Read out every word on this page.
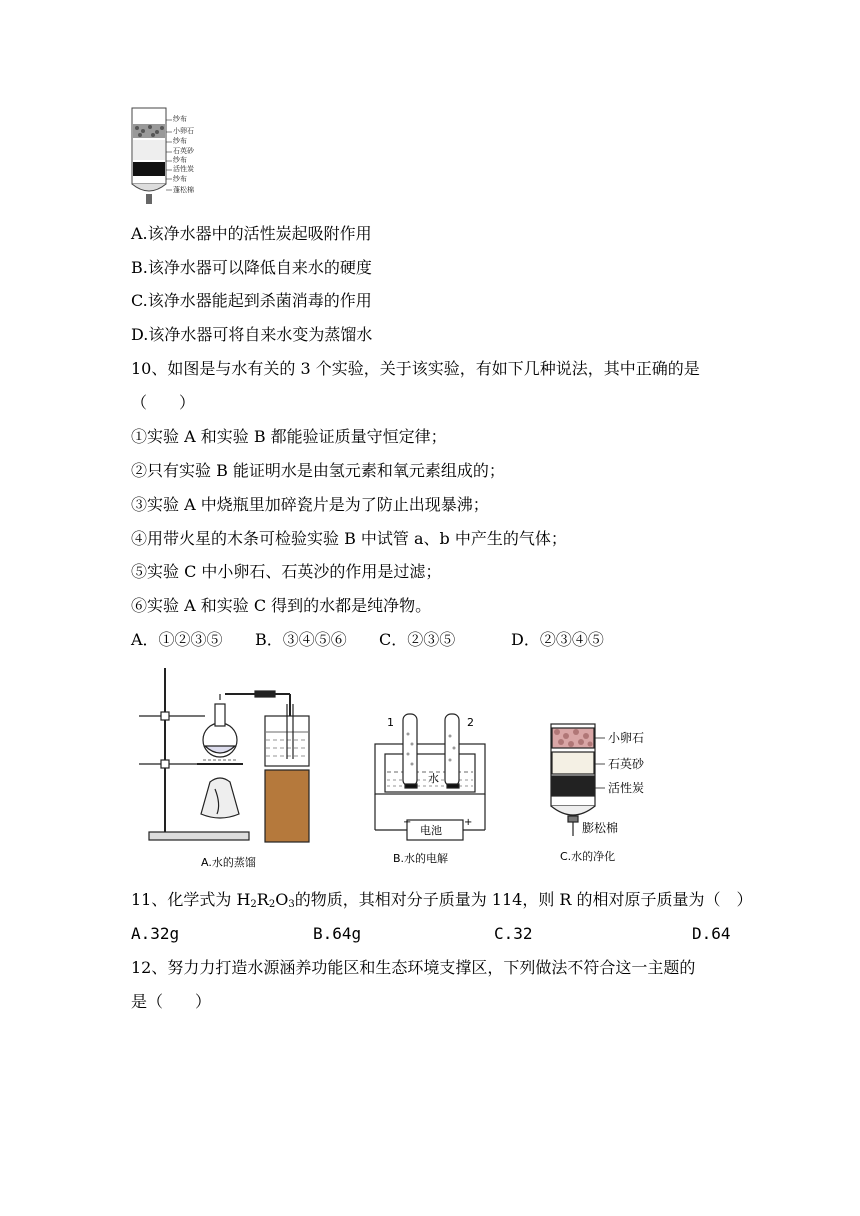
纱布
小卵石
纱布
石英砂
纱布
活性炭
纱布
蓬松棉
A.该净水器中的活性炭起吸附作用
B.该净水器可以降低自来水的硬度
C.该净水器能起到杀菌消毒的作用
D.该净水器可将自来水变为蒸馏水
10、如图是与水有关的 3 个实验，关于该实验，有如下几种说法，其中正确的是
（　　）
①实验 A 和实验 B 都能验证质量守恒定律；
②只有实验 B 能证明水是由氢元素和氧元素组成的；
③实验 A 中烧瓶里加碎瓷片是为了防止出现暴沸；
④用带火星的木条可检验实验 B 中试管 a、b 中产生的气体；
⑤实验 C 中小卵石、石英沙的作用是过滤；
⑥实验 A 和实验 C 得到的水都是纯净物。
A．①②③⑤ B．③④⑤⑥ C．②③⑤	D．②③④⑤
A.水的蒸馏
1	2
水
电池
−	+
B.水的电解
小卵石
石英砂
活性炭
膨松棉
C.水的净化
11、化学式为 $H_2R_2O_3$的物质，其相对分子质量为 114，则 R 的相对原子质量为（　）
A.32g	B.64g	C.32	D.64
12、努力力打造水源涵养功能区和生态环境支撑区，下列做法不符合这一主题的
是（　　）
